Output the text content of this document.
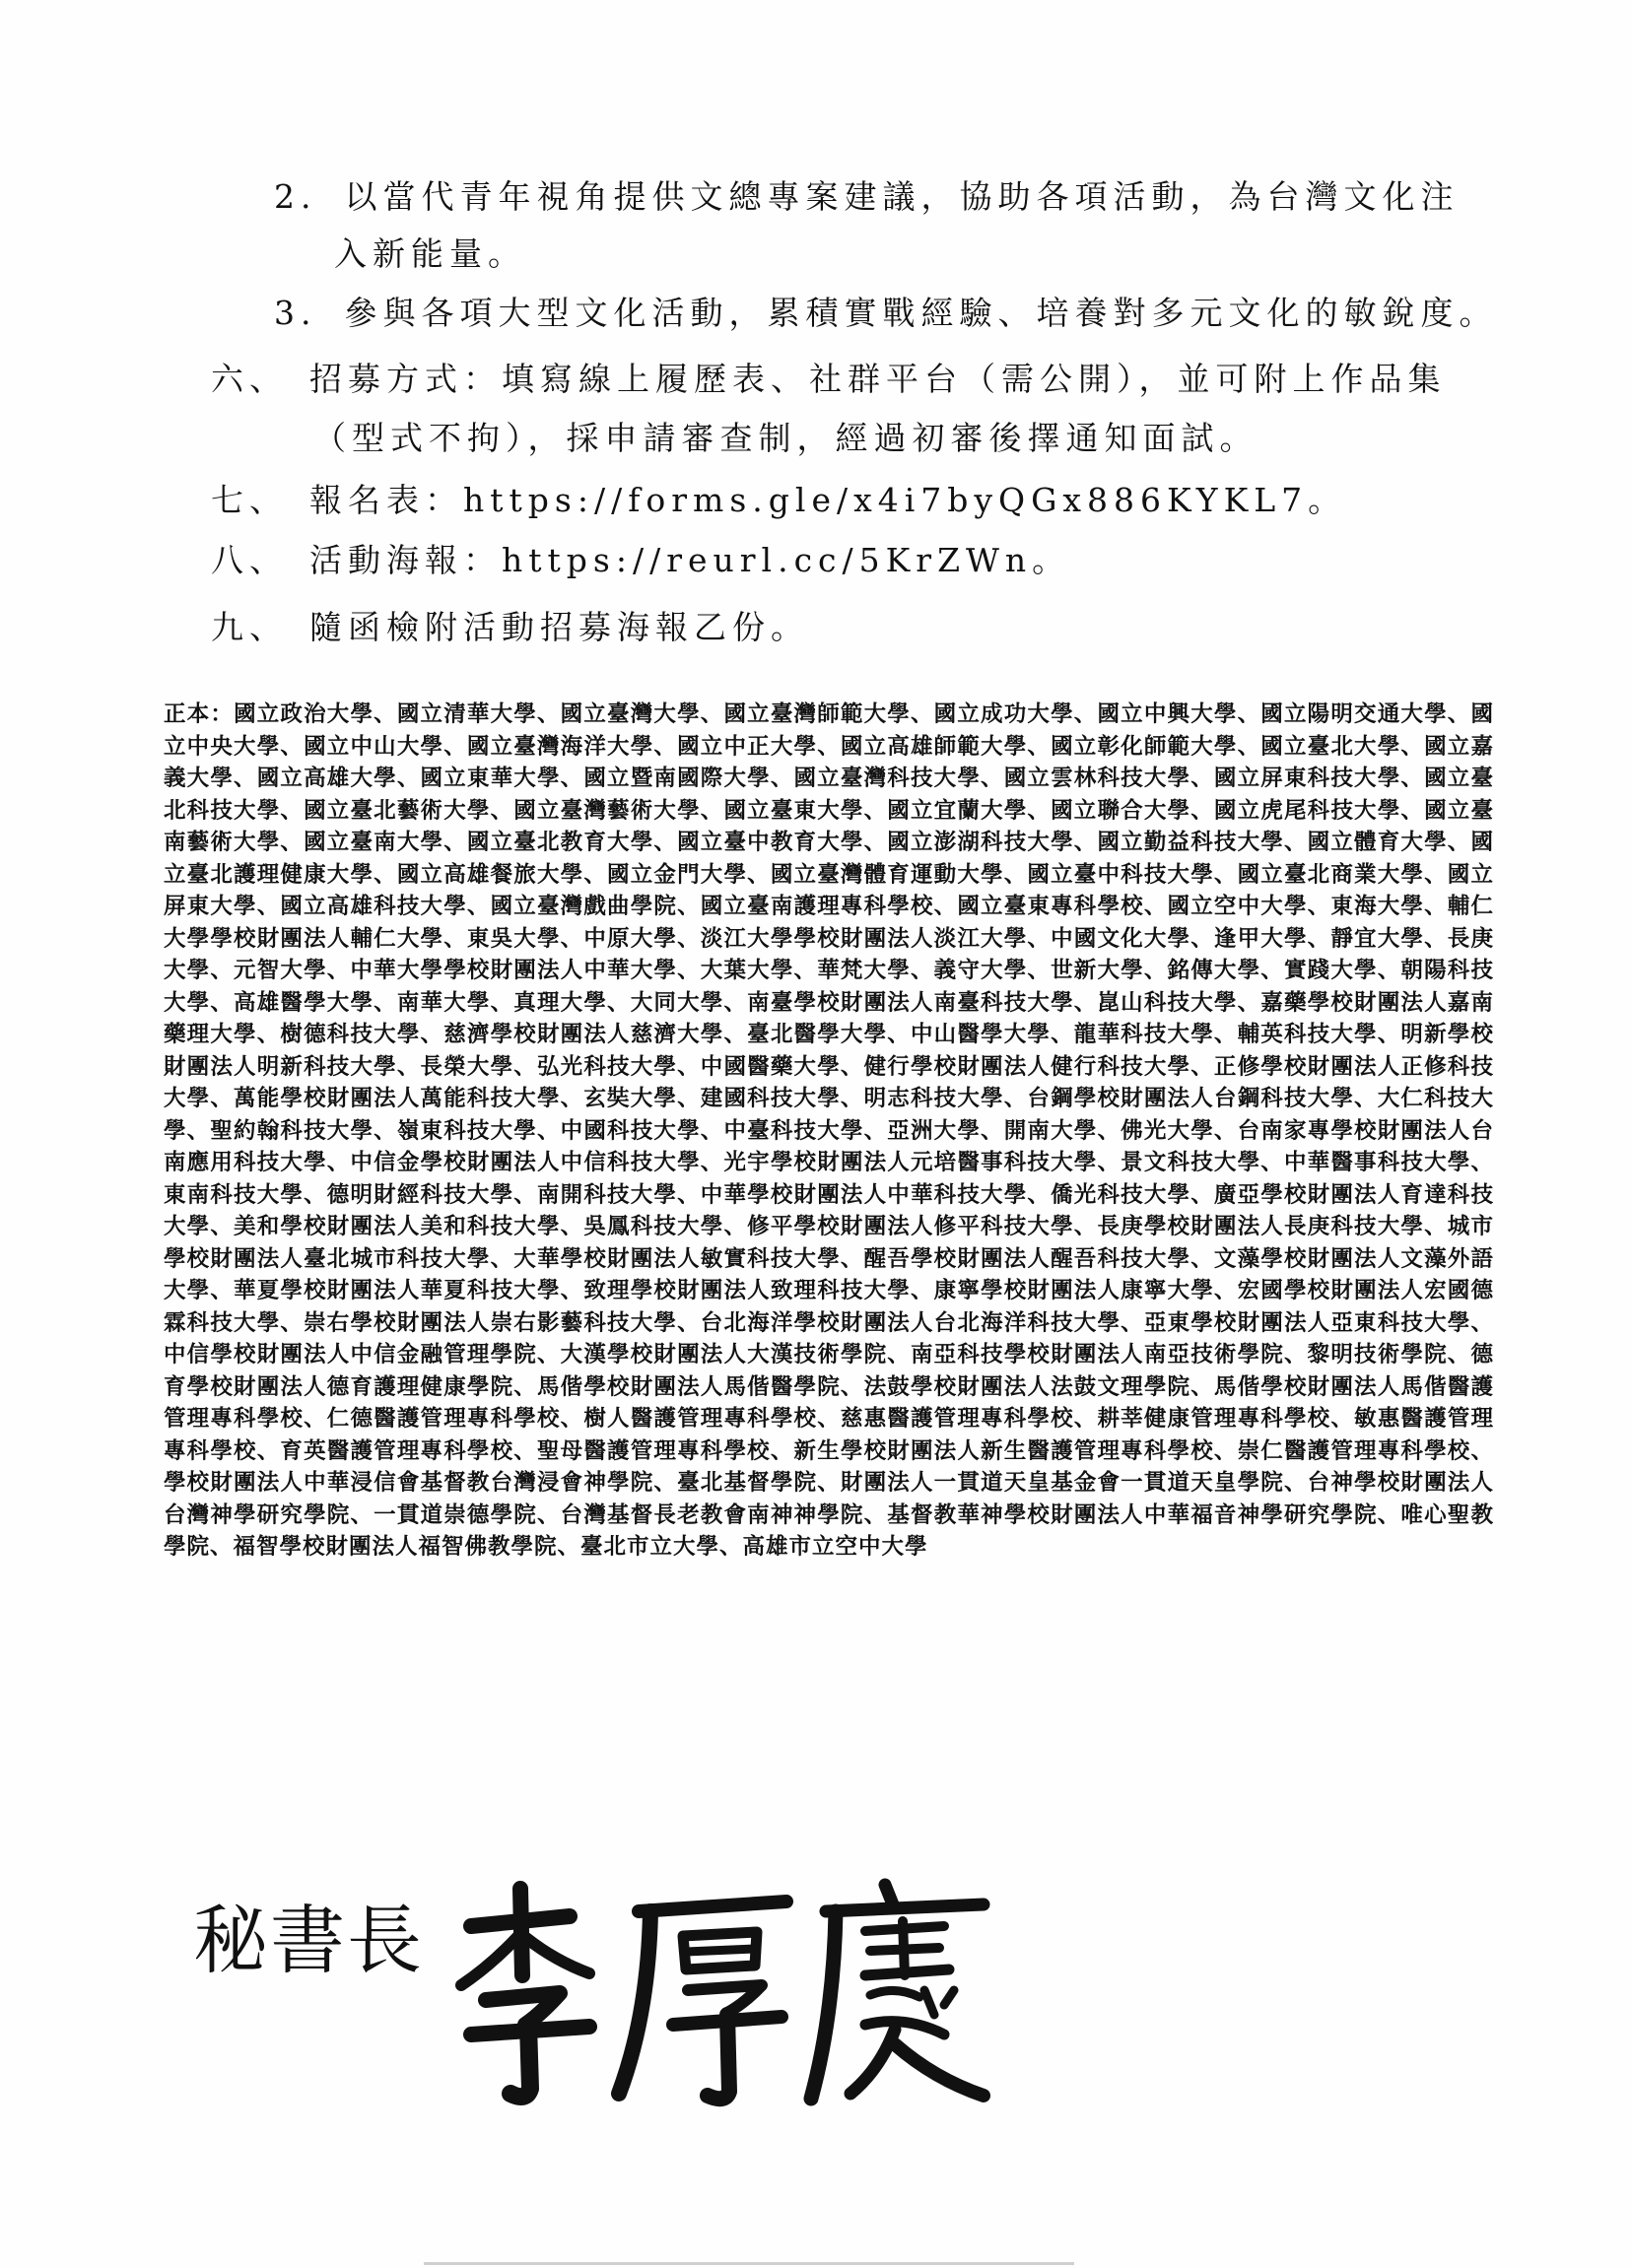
2. 以當代青年視角提供文總專案建議，協助各項活動，為台灣文化注
入新能量。
3. 參與各項大型文化活動，累積實戰經驗、培養對多元文化的敏銳度。
六、 招募方式：填寫線上履歷表、社群平台（需公開），並可附上作品集
（型式不拘），採申請審查制，經過初審後擇通知面試。
七、 報名表：https://forms.gle/x4i7byQGx886KYKL7。
八、 活動海報：https://reurl.cc/5KrZWn。
九、 隨函檢附活動招募海報乙份。
正本：國立政治大學、國立清華大學、國立臺灣大學、國立臺灣師範大學、國立成功大學、國立中興大學、國立陽明交通大學、國立中央大學、國立中山大學、國立臺灣海洋大學、國立中正大學、國立高雄師範大學、國立彰化師範大學、國立臺北大學、國立嘉義大學、國立高雄大學、國立東華大學、國立暨南國際大學、國立臺灣科技大學、國立雲林科技大學、國立屏東科技大學、國立臺北科技大學、國立臺北藝術大學、國立臺灣藝術大學、國立臺東大學、國立宜蘭大學、國立聯合大學、國立虎尾科技大學、國立臺南藝術大學、國立臺南大學、國立臺北教育大學、國立臺中教育大學、國立澎湖科技大學、國立勤益科技大學、國立體育大學、國立臺北護理健康大學、國立高雄餐旅大學、國立金門大學、國立臺灣體育運動大學、國立臺中科技大學、國立臺北商業大學、國立屏東大學、國立高雄科技大學、國立臺灣戲曲學院、國立臺南護理專科學校、國立臺東專科學校、國立空中大學、東海大學、輔仁大學學校財團法人輔仁大學、東吳大學、中原大學、淡江大學學校財團法人淡江大學、中國文化大學、逢甲大學、靜宜大學、長庚大學、元智大學、中華大學學校財團法人中華大學、大葉大學、華梵大學、義守大學、世新大學、銘傳大學、實踐大學、朝陽科技大學、高雄醫學大學、南華大學、真理大學、大同大學、南臺學校財團法人南臺科技大學、崑山科技大學、嘉藥學校財團法人嘉南藥理大學、樹德科技大學、慈濟學校財團法人慈濟大學、臺北醫學大學、中山醫學大學、龍華科技大學、輔英科技大學、明新學校財團法人明新科技大學、長榮大學、弘光科技大學、中國醫藥大學、健行學校財團法人健行科技大學、正修學校財團法人正修科技大學、萬能學校財團法人萬能科技大學、玄奘大學、建國科技大學、明志科技大學、台鋼學校財團法人台鋼科技大學、大仁科技大學、聖約翰科技大學、嶺東科技大學、中國科技大學、中臺科技大學、亞洲大學、開南大學、佛光大學、台南家專學校財團法人台南應用科技大學、中信金學校財團法人中信科技大學、光宇學校財團法人元培醫事科技大學、景文科技大學、中華醫事科技大學、東南科技大學、德明財經科技大學、南開科技大學、中華學校財團法人中華科技大學、僑光科技大學、廣亞學校財團法人育達科技大學、美和學校財團法人美和科技大學、吳鳳科技大學、修平學校財團法人修平科技大學、長庚學校財團法人長庚科技大學、城市學校財團法人臺北城市科技大學、大華學校財團法人敏實科技大學、醒吾學校財團法人醒吾科技大學、文藻學校財團法人文藻外語大學、華夏學校財團法人華夏科技大學、致理學校財團法人致理科技大學、康寧學校財團法人康寧大學、宏國學校財團法人宏國德霖科技大學、崇右學校財團法人崇右影藝科技大學、台北海洋學校財團法人台北海洋科技大學、亞東學校財團法人亞東科技大學、中信學校財團法人中信金融管理學院、大漢學校財團法人大漢技術學院、南亞科技學校財團法人南亞技術學院、黎明技術學院、德育學校財團法人德育護理健康學院、馬偕學校財團法人馬偕醫學院、法鼓學校財團法人法鼓文理學院、馬偕學校財團法人馬偕醫護管理專科學校、仁德醫護管理專科學校、樹人醫護管理專科學校、慈惠醫護管理專科學校、耕莘健康管理專科學校、敏惠醫護管理專科學校、育英醫護管理專科學校、聖母醫護管理專科學校、新生學校財團法人新生醫護管理專科學校、崇仁醫護管理專科學校、學校財團法人中華浸信會基督教台灣浸會神學院、臺北基督學院、財團法人一貫道天皇基金會一貫道天皇學院、台神學校財團法人台灣神學研究學院、一貫道崇德學院、台灣基督長老教會南神神學院、基督教華神學校財團法人中華福音神學研究學院、唯心聖教學院、福智學校財團法人福智佛教學院、臺北市立大學、高雄市立空中大學
秘書長
